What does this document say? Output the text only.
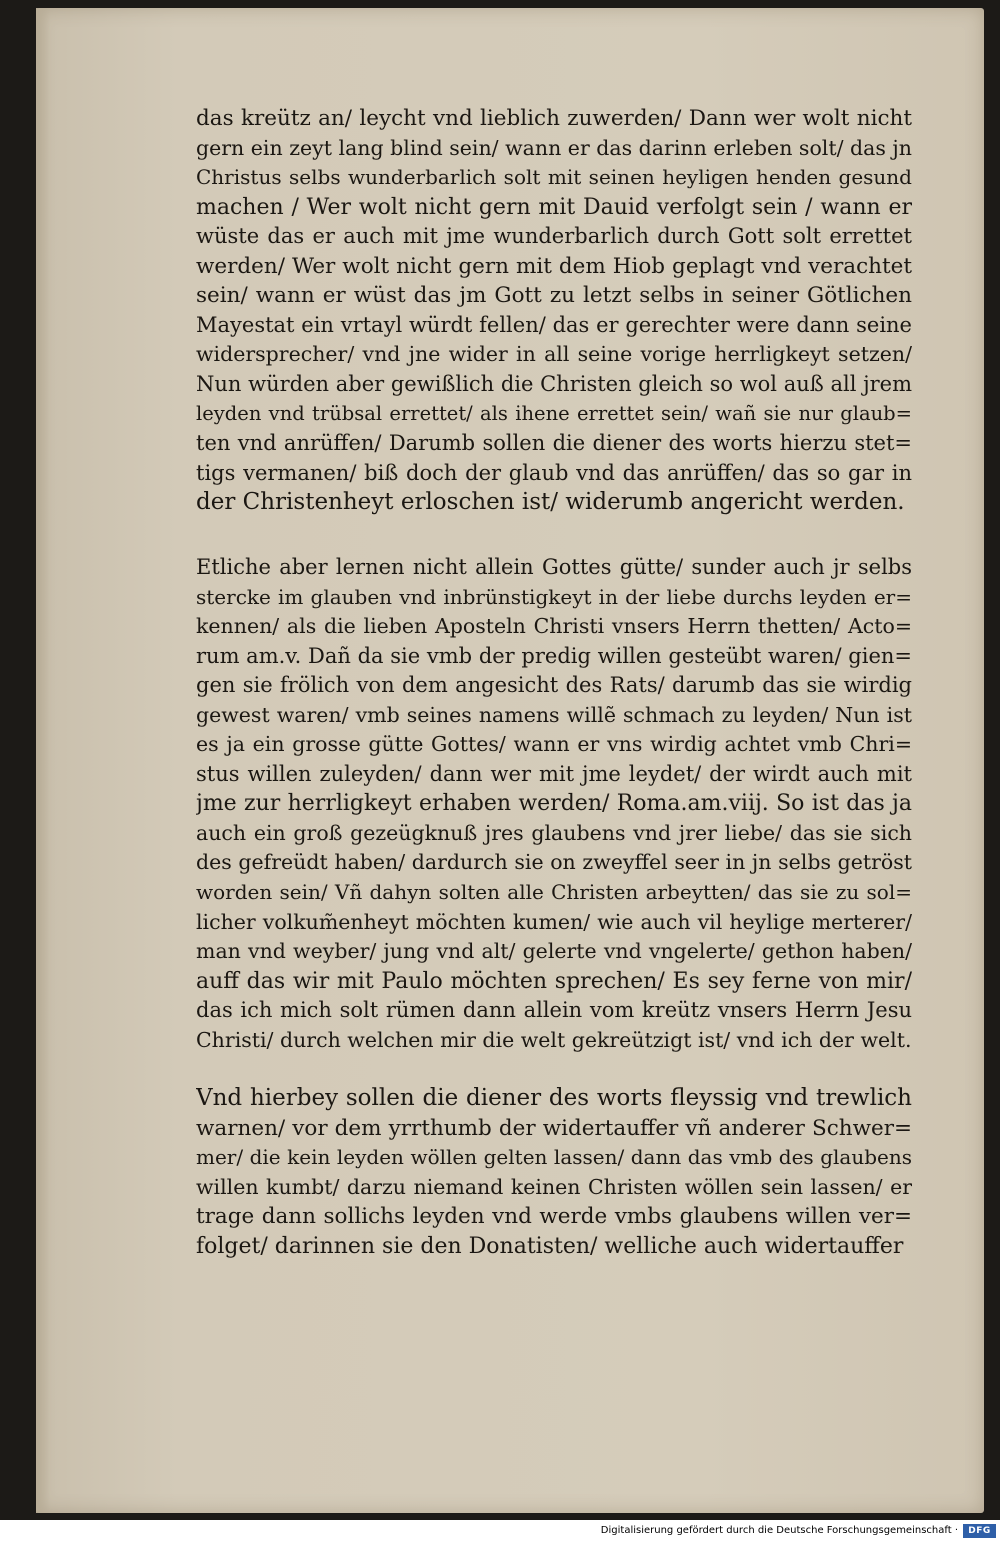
das kreütz an/ leycht vnd lieblich zuwerden/ Dann wer wolt nicht
gern ein zeyt lang blind sein/ wann er das darinn erleben solt/ das jn
Christus selbs wunderbarlich solt mit seinen heyligen henden gesund
machen / Wer wolt nicht gern mit Dauid verfolgt sein / wann er
wüste das er auch mit jme wunderbarlich durch Gott solt errettet
werden/ Wer wolt nicht gern mit dem Hiob geplagt vnd verachtet
sein/ wann er wüst das jm Gott zu letzt selbs in seiner Götlichen
Mayestat ein vrtayl würdt fellen/ das er gerechter were dann seine
widersprecher/ vnd jne wider in all seine vorige herrligkeyt setzen/
Nun würden aber gewißlich die Christen gleich so wol auß all jrem
leyden vnd trübsal errettet/ als ihene errettet sein/ wañ sie nur glaub=
ten vnd anrüffen/ Darumb sollen die diener des worts hierzu stet=
tigs vermanen/ biß doch der glaub vnd das anrüffen/ das so gar in
der Christenheyt erloschen ist/ widerumb angericht werden.
Etliche aber lernen nicht allein Gottes gütte/ sunder auch jr selbs
stercke im glauben vnd inbrünstigkeyt in der liebe durchs leyden er=
kennen/ als die lieben Aposteln Christi vnsers Herrn thetten/ Acto=
rum am.v. Dañ da sie vmb der predig willen gesteübt waren/ gien=
gen sie frölich von dem angesicht des Rats/ darumb das sie wirdig
gewest waren/ vmb seines namens willẽ schmach zu leyden/ Nun ist
es ja ein grosse gütte Gottes/ wann er vns wirdig achtet vmb Chri=
stus willen zuleyden/ dann wer mit jme leydet/ der wirdt auch mit
jme zur herrligkeyt erhaben werden/ Roma.am.viij. So ist das ja
auch ein groß gezeügknuß jres glaubens vnd jrer liebe/ das sie sich
des gefreüdt haben/ dardurch sie on zweyffel seer in jn selbs getröst
worden sein/ Vñ dahyn solten alle Christen arbeytten/ das sie zu sol=
licher volkum̃enheyt möchten kumen/ wie auch vil heylige merterer/
man vnd weyber/ jung vnd alt/ gelerte vnd vngelerte/ gethon haben/
auff das wir mit Paulo möchten sprechen/ Es sey ferne von mir/
das ich mich solt rümen dann allein vom kreütz vnsers Herrn Jesu
Christi/ durch welchen mir die welt gekreützigt ist/ vnd ich der welt.
Vnd hierbey sollen die diener des worts fleyssig vnd trewlich
warnen/ vor dem yrrthumb der widertauffer vñ anderer Schwer=
mer/ die kein leyden wöllen gelten lassen/ dann das vmb des glaubens
willen kumbt/ darzu niemand keinen Christen wöllen sein lassen/ er
trage dann sollichs leyden vnd werde vmbs glaubens willen ver=
folget/ darinnen sie den Donatisten/ welliche auch widertauffer
Digitalisierung gefördert durch die Deutsche Forschungsgemeinschaft ·	DFG
